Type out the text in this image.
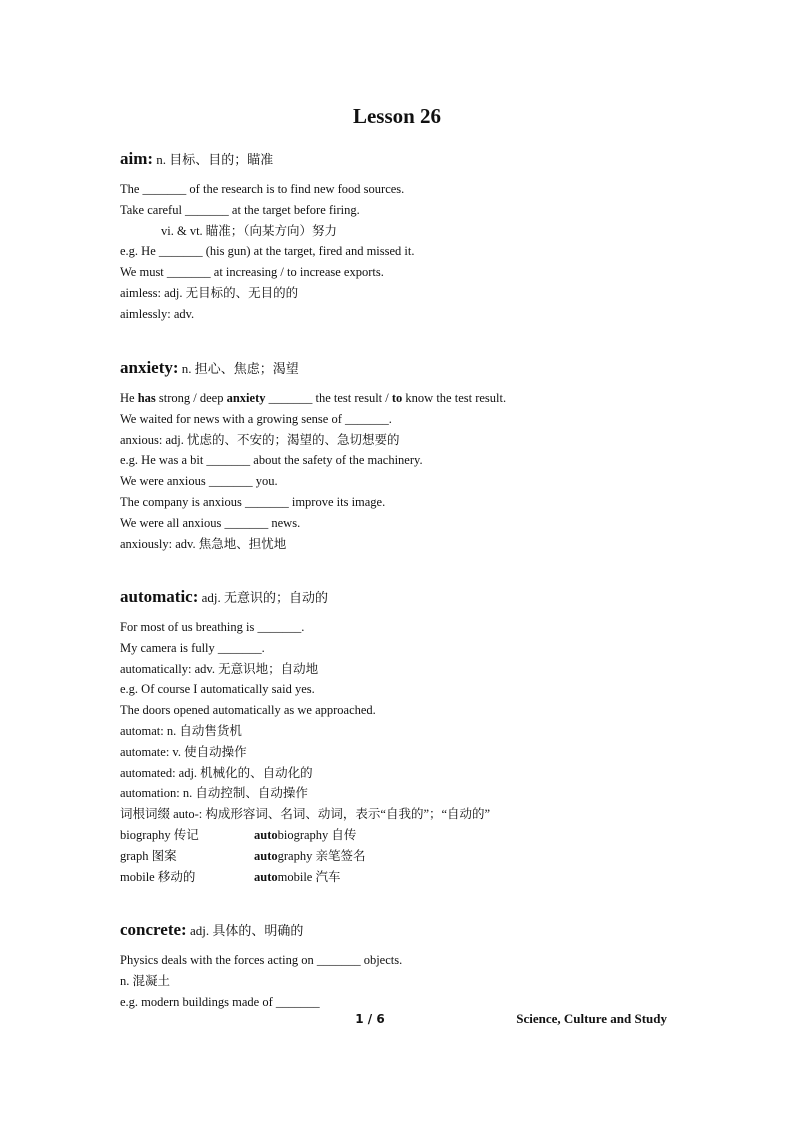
Lesson 26
aim: n. 目标、目的；瞄准
The _______ of the research is to find new food sources.
Take careful _______ at the target before firing.
vi. & vt. 瞄准；（向某方向）努力
e.g. He _______ (his gun) at the target, fired and missed it.
We must _______ at increasing / to increase exports.
aimless: adj. 无目标的、无目的的
aimlessly: adv.
anxiety: n. 担心、焦虑；渴望
He has strong / deep anxiety _______ the test result / to know the test result.
We waited for news with a growing sense of _______.
anxious: adj. 忧虑的、不安的；渴望的、急切想要的
e.g. He was a bit _______ about the safety of the machinery.
We were anxious _______ you.
The company is anxious _______ improve its image.
We were all anxious _______ news.
anxiously: adv. 焦急地、担忧地
automatic: adj. 无意识的；自动的
For most of us breathing is _______.
My camera is fully _______.
automatically: adv. 无意识地；自动地
e.g. Of course I automatically said yes.
The doors opened automatically as we approached.
automat: n. 自动售货机
automate: v. 使自动操作
automated: adj. 机械化的、自动化的
automation: n. 自动控制、自动操作
词根词缀 auto-: 构成形容词、名词、动词，表示“自我的”；“自动的”
biography 传记	autobiography 自传
graph 图案	autography 亲笔签名
mobile 移动的	automobile 汽车
concrete: adj. 具体的、明确的
Physics deals with the forces acting on _______ objects.
n. 混凝土
e.g. modern buildings made of _______
1 / 6	Science, Culture and Study
